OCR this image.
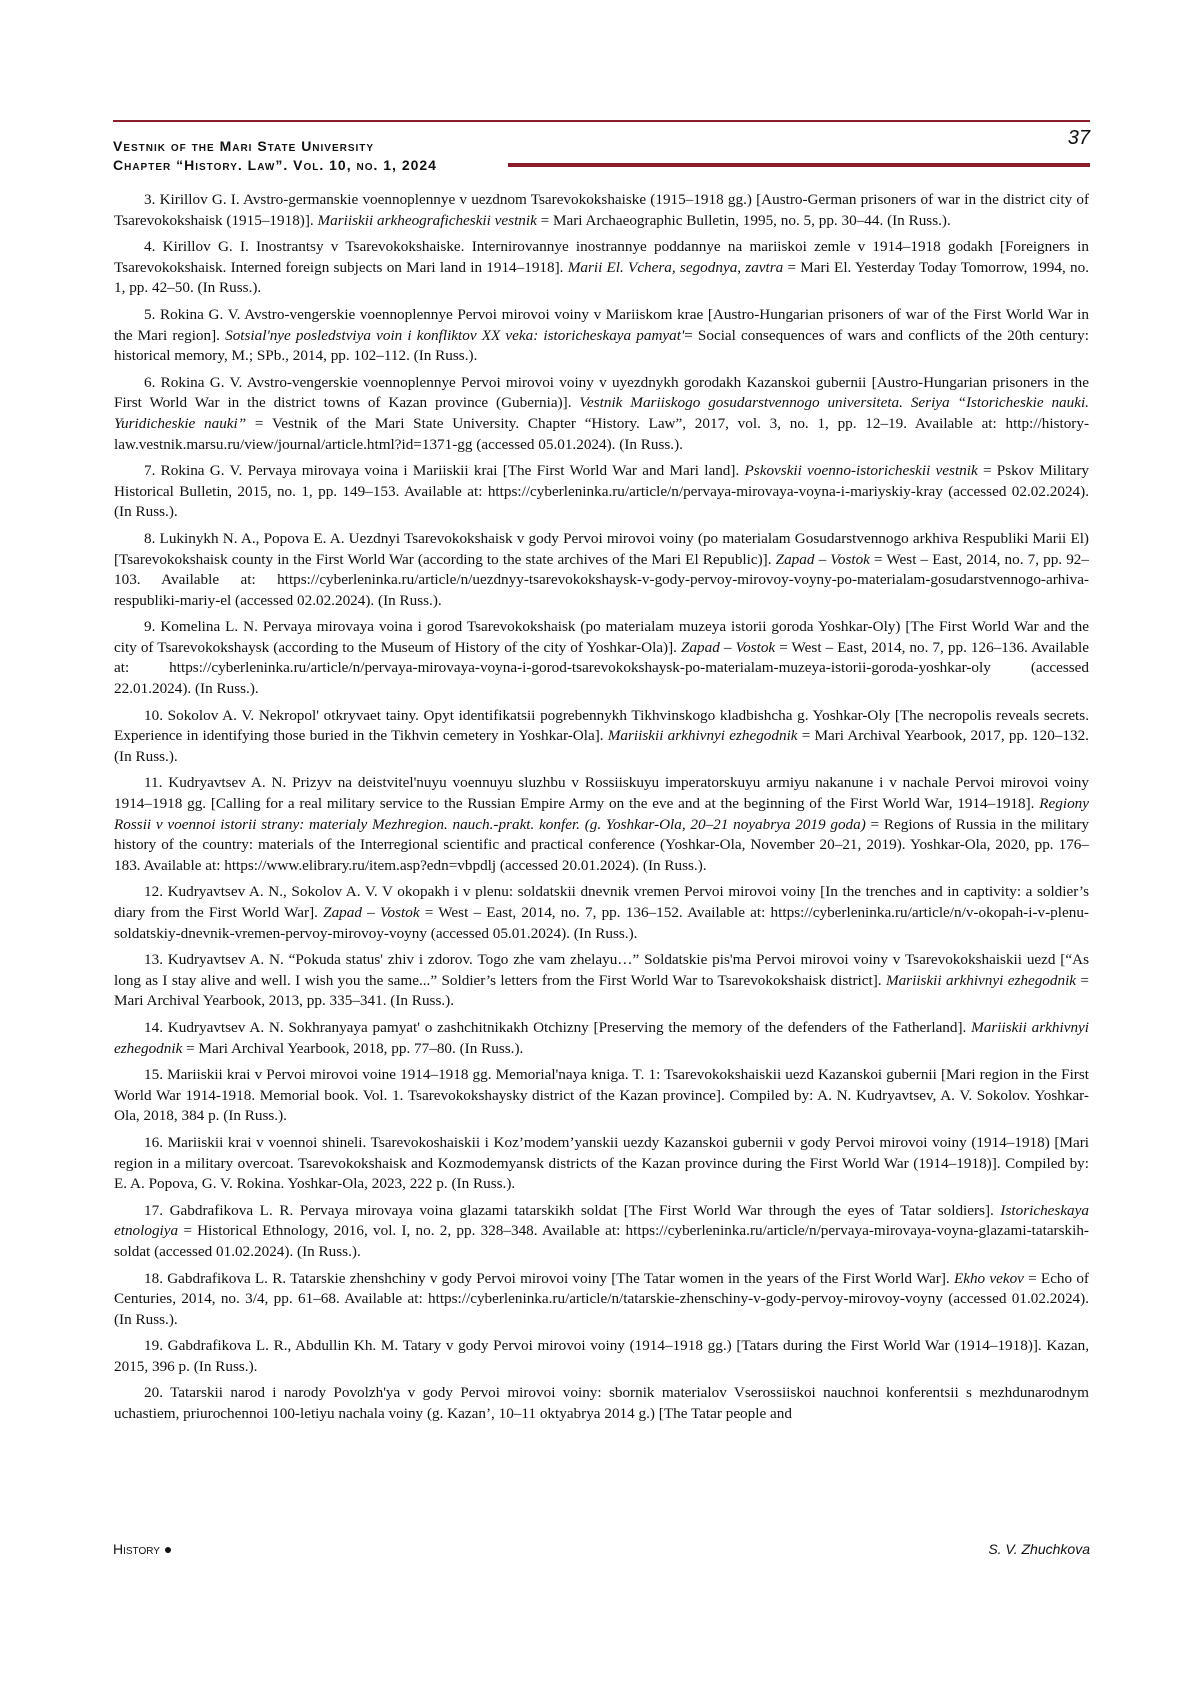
Vestnik of the Mari State University
Chapter “History. Law”. Vol. 10, no. 1, 2024
37

3. Kirillov G. I. Avstro-germanskie voennoplennye v uezdnom Tsarevokokshaiske (1915–1918 gg.) [Austro-German prisoners of war in the district city of Tsarevokokshaisk (1915–1918)]. Mariiskii arkheograficheskii vestnik = Mari Archaeographic Bulletin, 1995, no. 5, pp. 30–44. (In Russ.).

4. Kirillov G. I. Inostrantsy v Tsarevokokshaiske. Internirovannye inostrannye poddannye na mariiskoi zemle v 1914–1918 godakh [Foreigners in Tsarevokokshaisk. Interned foreign subjects on Mari land in 1914–1918]. Marii El. Vchera, segodnya, zavtra = Mari El. Yesterday Today Tomorrow, 1994, no. 1, pp. 42–50. (In Russ.).

5. Rokina G. V. Avstro-vengerskie voennoplennye Pervoi mirovoi voiny v Mariiskom krae [Austro-Hungarian prisoners of war of the First World War in the Mari region]. Sotsial'nye posledstviya voin i konfliktov XX veka: istoricheskaya pamyat'= Social consequences of wars and conflicts of the 20th century: historical memory, M.; SPb., 2014, pp. 102–112. (In Russ.).

6. Rokina G. V. Avstro-vengerskie voennoplennye Pervoi mirovoi voiny v uyezdnykh gorodakh Kazanskoi gubernii [Austro-Hungarian prisoners in the First World War in the district towns of Kazan province (Gubernia)]. Vestnik Mariiskogo gosudarstvennogo universiteta. Seriya “Istoricheskie nauki. Yuridicheskie nauki” = Vestnik of the Mari State University. Chapter “History. Law”, 2017, vol. 3, no. 1, pp. 12–19. Available at: http://history-law.vestnik.marsu.ru/view/journal/article.html?id=1371-gg (accessed 05.01.2024). (In Russ.).

7. Rokina G. V. Pervaya mirovaya voina i Mariiskii krai [The First World War and Mari land]. Pskovskii voenno-istoricheskii vestnik = Pskov Military Historical Bulletin, 2015, no. 1, pp. 149–153. Available at: https://cyberleninka.ru/article/n/pervaya-mirovaya-voyna-i-mariyskiy-kray (accessed 02.02.2024). (In Russ.).

8. Lukinykh N. A., Popova E. A. Uezdnyi Tsarevokokshaisk v gody Pervoi mirovoi voiny (po materialam Gosudarstvennogo arkhiva Respubliki Marii El) [Tsarevokokshaisk county in the First World War (according to the state archives of the Mari El Republic)]. Zapad – Vostok = West – East, 2014, no. 7, pp. 92–103. Available at: https://cyberleninka.ru/article/n/uezdnyy-tsarevokokshaysk-v-gody-pervoy-mirovoy-voyny-po-materialam-gosudarstvennogo-arhiva-respubliki-mariy-el (accessed 02.02.2024). (In Russ.).

9. Komelina L. N. Pervaya mirovaya voina i gorod Tsarevokokshaisk (po materialam muzeya istorii goroda Yoshkar-Oly) [The First World War and the city of Tsarevokokshaysk (according to the Museum of History of the city of Yoshkar-Ola)]. Zapad – Vostok = West – East, 2014, no. 7, pp. 126–136. Available at: https://cyberleninka.ru/article/n/pervaya-mirovaya-voyna-i-gorod-tsarevokokshaysk-po-materialam-muzeya-istorii-goroda-yoshkar-oly (accessed 22.01.2024). (In Russ.).

10. Sokolov A. V. Nekropol' otkryvaet tainy. Opyt identifikatsii pogrebennykh Tikhvinskogo kladbishcha g. Yoshkar-Oly [The necropolis reveals secrets. Experience in identifying those buried in the Tikhvin cemetery in Yoshkar-Ola]. Mariiskii arkhivnyi ezhegodnik = Mari Archival Yearbook, 2017, pp. 120–132. (In Russ.).

11. Kudryavtsev A. N. Prizyv na deistvitel'nuyu voennuyu sluzhbu v Rossiiskuyu imperatorskuyu armiyu nakanune i v nachale Pervoi mirovoi voiny 1914–1918 gg. [Calling for a real military service to the Russian Empire Army on the eve and at the beginning of the First World War, 1914–1918]. Regiony Rossii v voennoi istorii strany: materialy Mezhregion. nauch.-prakt. konfer. (g. Yoshkar-Ola, 20–21 noyabrya 2019 goda) = Regions of Russia in the military history of the country: materials of the Interregional scientific and practical conference (Yoshkar-Ola, November 20–21, 2019). Yoshkar-Ola, 2020, pp. 176–183. Available at: https://www.elibrary.ru/item.asp?edn=vbpdlj (accessed 20.01.2024). (In Russ.).

12. Kudryavtsev A. N., Sokolov A. V. V okopakh i v plenu: soldatskii dnevnik vremen Pervoi mirovoi voiny [In the trenches and in captivity: a soldier’s diary from the First World War]. Zapad – Vostok = West – East, 2014, no. 7, pp. 136–152. Available at: https://cyberleninka.ru/article/n/v-okopah-i-v-plenu-soldatskiy-dnevnik-vremen-pervoy-mirovoy-voyny (accessed 05.01.2024). (In Russ.).

13. Kudryavtsev A. N. “Pokuda status' zhiv i zdorov. Togo zhe vam zhelayu…” Soldatskie pis'ma Pervoi mirovoi voiny v Tsarevokokshaiskii uezd [“As long as I stay alive and well. I wish you the same...” Soldier’s letters from the First World War to Tsarevokokshaisk district]. Mariiskii arkhivnyi ezhegodnik = Mari Archival Yearbook, 2013, pp. 335–341. (In Russ.).

14. Kudryavtsev A. N. Sokhranyaya pamyat' o zashchitnikakh Otchizny [Preserving the memory of the defenders of the Fatherland]. Mariiskii arkhivnyi ezhegodnik = Mari Archival Yearbook, 2018, pp. 77–80. (In Russ.).

15. Mariiskii krai v Pervoi mirovoi voine 1914–1918 gg. Memorial'naya kniga. T. 1: Tsarevokokshaiskii uezd Kazanskoi gubernii [Mari region in the First World War 1914-1918. Memorial book. Vol. 1. Tsarevokokshaysky district of the Kazan province]. Compiled by: A. N. Kudryavtsev, A. V. Sokolov. Yoshkar-Ola, 2018, 384 p. (In Russ.).

16. Mariiskii krai v voennoi shineli. Tsarevokoshaiskii i Koz’modem’yanskii uezdy Kazanskoi gubernii v gody Pervoi mirovoi voiny (1914–1918) [Mari region in a military overcoat. Tsarevokokshaisk and Kozmodemyansk districts of the Kazan province during the First World War (1914–1918)]. Compiled by: E. A. Popova, G. V. Rokina. Yoshkar-Ola, 2023, 222 p. (In Russ.).

17. Gabdrafikova L. R. Pervaya mirovaya voina glazami tatarskikh soldat [The First World War through the eyes of Tatar soldiers]. Istoricheskaya etnologiya = Historical Ethnology, 2016, vol. I, no. 2, pp. 328–348. Available at: https://cyberleninka.ru/article/n/pervaya-mirovaya-voyna-glazami-tatarskih-soldat (accessed 01.02.2024). (In Russ.).

18. Gabdrafikova L. R. Tatarskie zhenshchiny v gody Pervoi mirovoi voiny [The Tatar women in the years of the First World War]. Ekho vekov = Echo of Centuries, 2014, no. 3/4, pp. 61–68. Available at: https://cyberleninka.ru/article/n/tatarskie-zhenschiny-v-gody-pervoy-mirovoy-voyny (accessed 01.02.2024). (In Russ.).

19. Gabdrafikova L. R., Abdullin Kh. M. Tatary v gody Pervoi mirovoi voiny (1914–1918 gg.) [Tatars during the First World War (1914–1918)]. Kazan, 2015, 396 p. (In Russ.).

20. Tatarskii narod i narody Povolzh'ya v gody Pervoi mirovoi voiny: sbornik materialov Vserossiiskoi nauchnoi konferentsii s mezhdunarodnym uchastiem, priurochennoi 100-letiyu nachala voiny (g. Kazan’, 10–11 oktyabrya 2014 g.) [The Tatar people and

History ●	S. V. Zhuchkova
